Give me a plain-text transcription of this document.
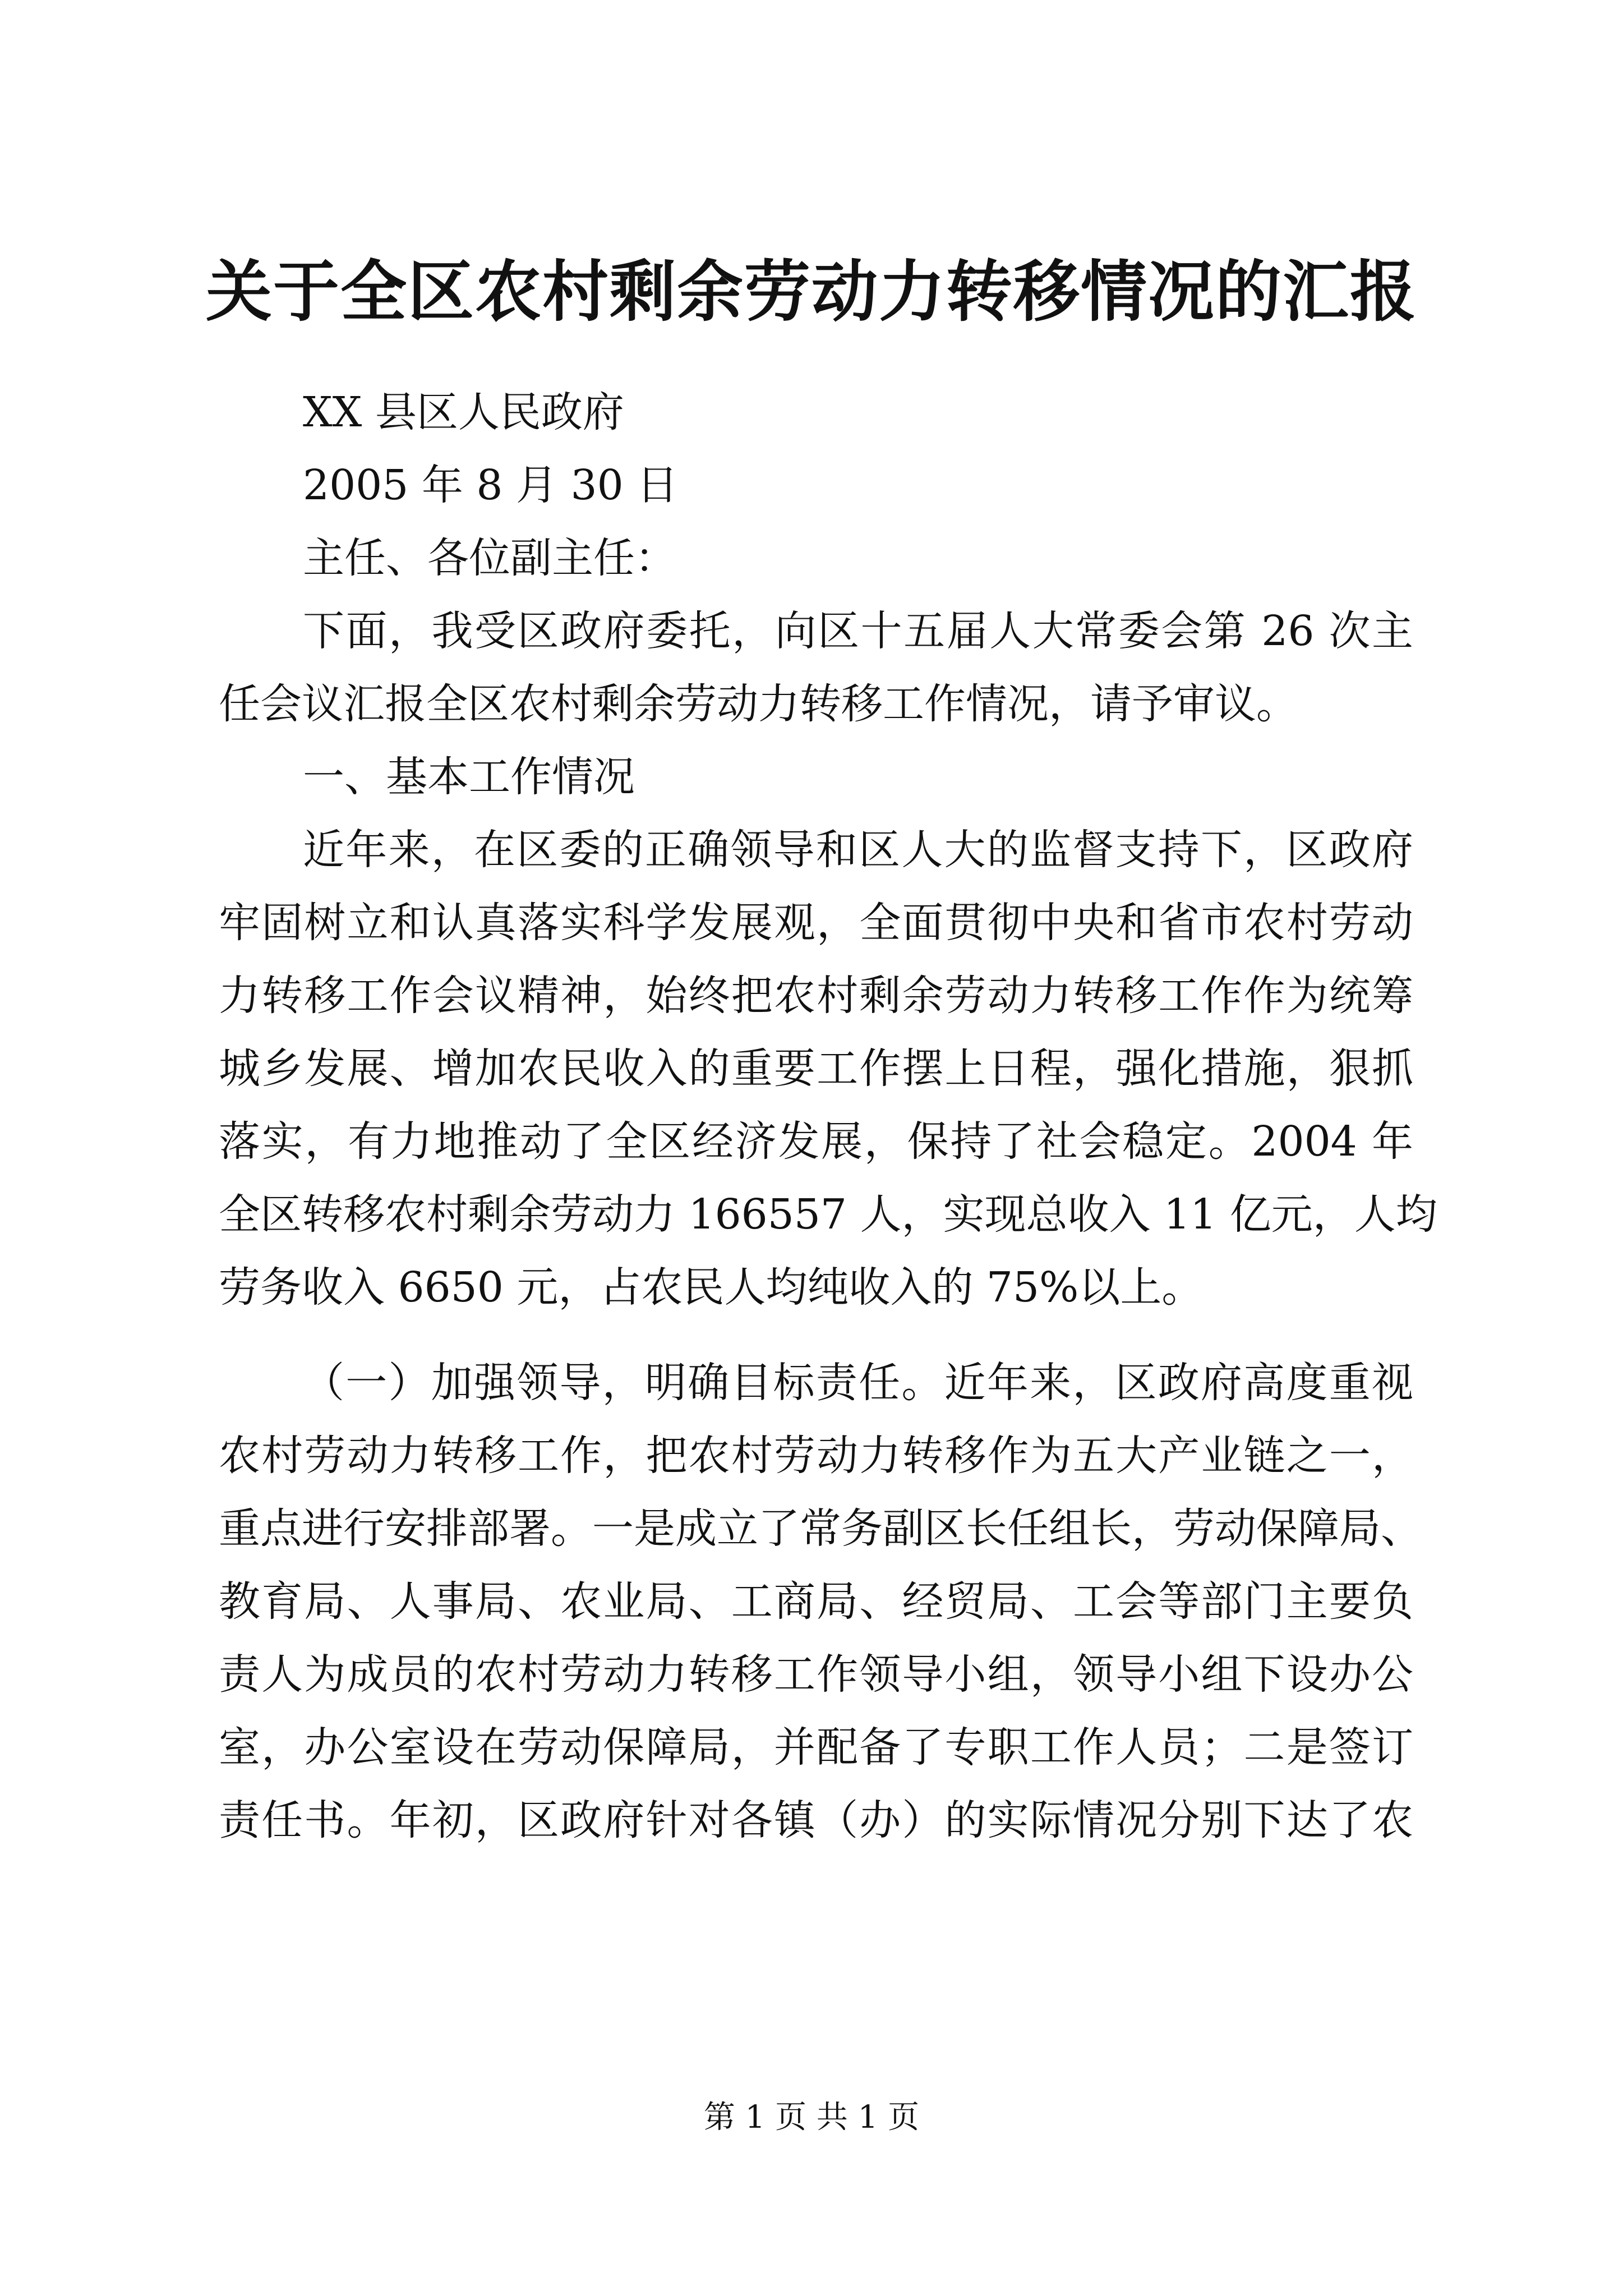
关于全区农村剩余劳动力转移情况的汇报
XX 县区人民政府
2005 年 8 月 30 日
主任、各位副主任：
下面，我受区政府委托，向区十五届人大常委会第 26 次主
任会议汇报全区农村剩余劳动力转移工作情况，请予审议。
一、基本工作情况
近年来，在区委的正确领导和区人大的监督支持下，区政府
牢固树立和认真落实科学发展观，全面贯彻中央和省市农村劳动
力转移工作会议精神，始终把农村剩余劳动力转移工作作为统筹
城乡发展、增加农民收入的重要工作摆上日程，强化措施，狠抓
落实，有力地推动了全区经济发展，保持了社会稳定。2004 年
全区转移农村剩余劳动力 166557 人，实现总收入 11 亿元，人均
劳务收入 6650 元，占农民人均纯收入的 75%以上。
（一）加强领导，明确目标责任。近年来，区政府高度重视
农村劳动力转移工作，把农村劳动力转移作为五大产业链之一，
重点进行安排部署。一是成立了常务副区长任组长，劳动保障局、
教育局、人事局、农业局、工商局、经贸局、工会等部门主要负
责人为成员的农村劳动力转移工作领导小组，领导小组下设办公
室，办公室设在劳动保障局，并配备了专职工作人员；二是签订
责任书。年初，区政府针对各镇（办）的实际情况分别下达了农
第 1 页 共 1 页
